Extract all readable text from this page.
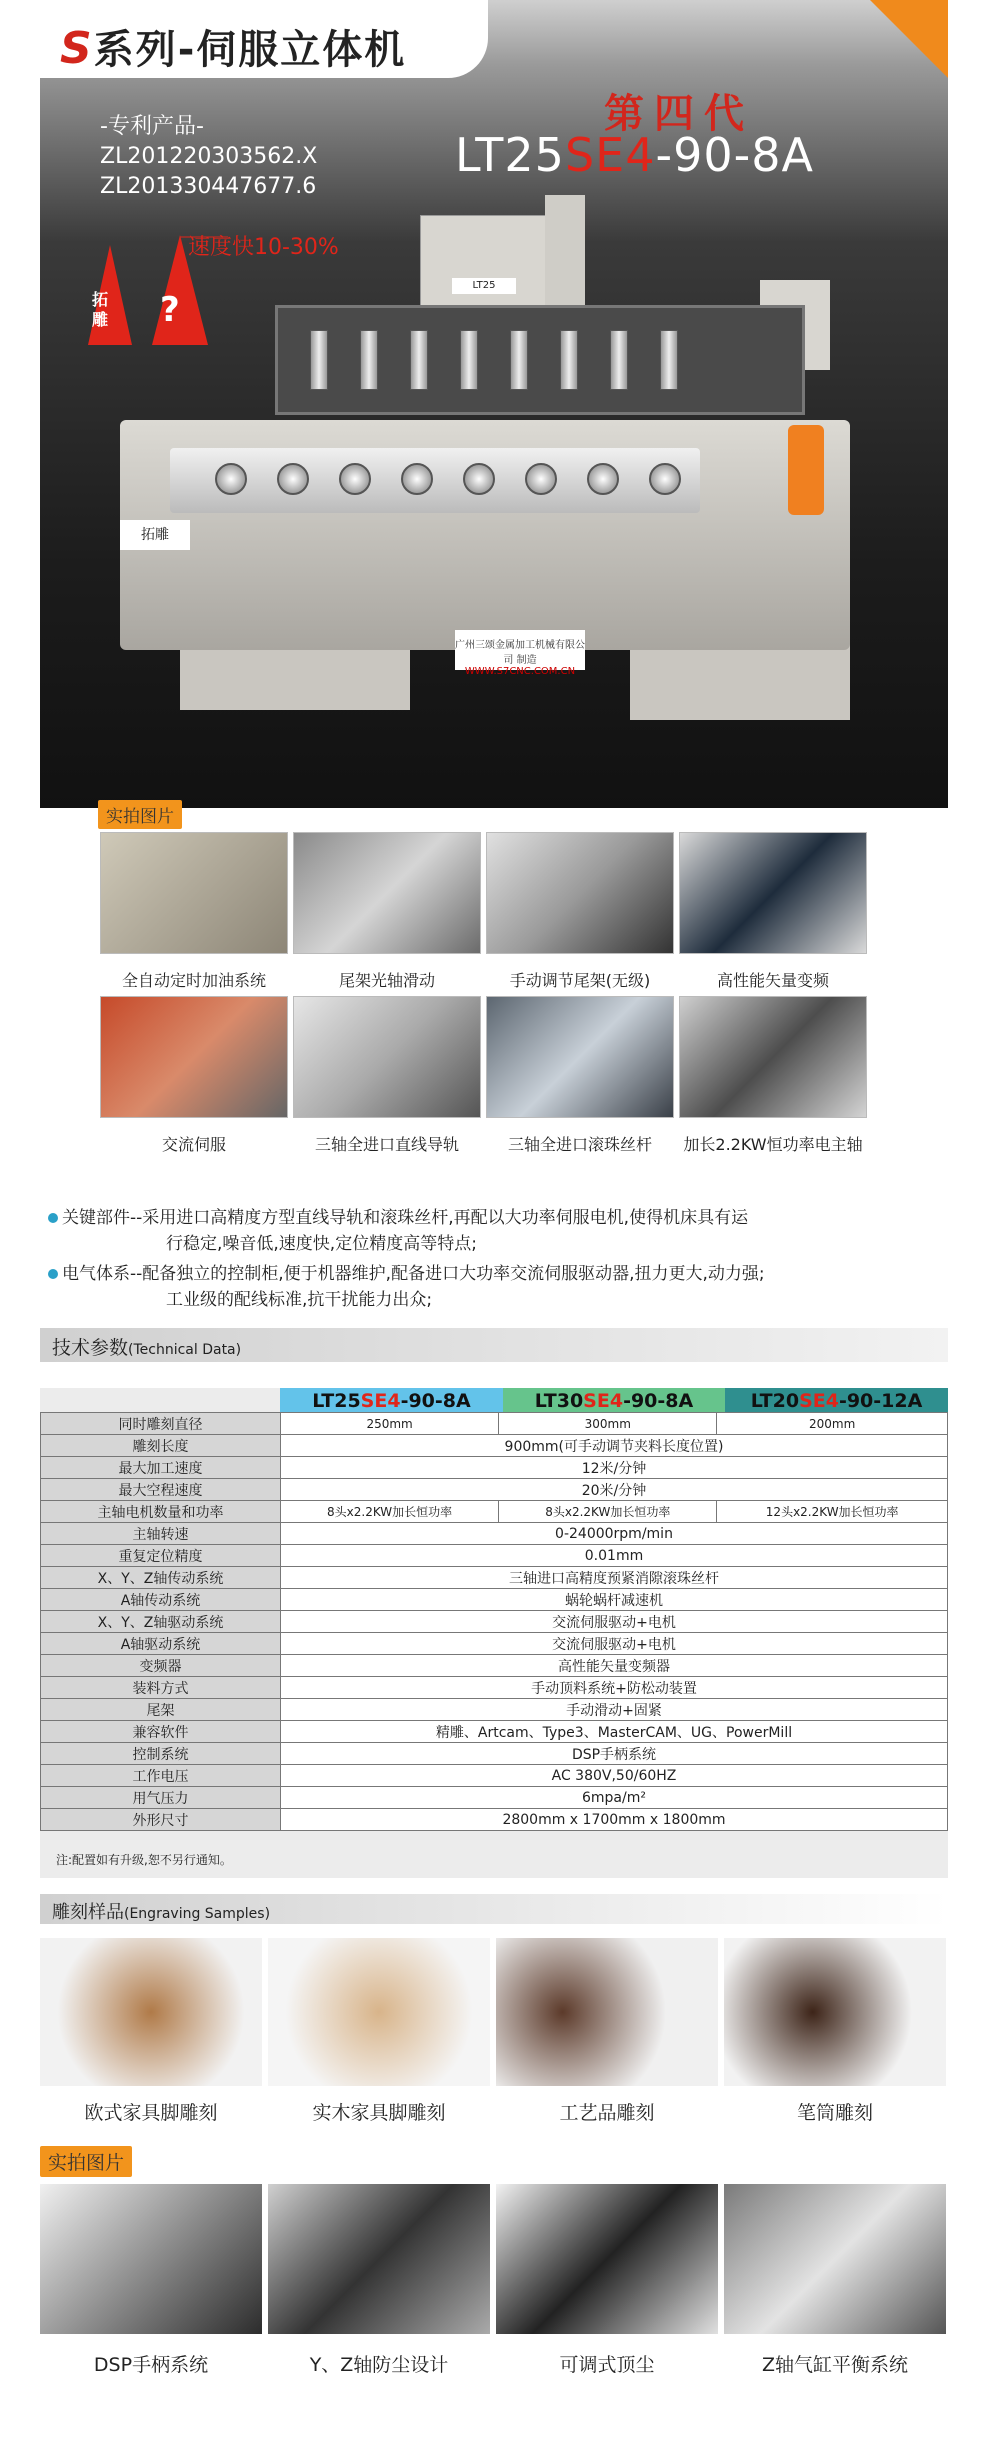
S系列-伺服立体机
-专利产品-
ZL201220303562.X
ZL201330447677.6
第四代
LT25SE4-90-8A
拓雕 ?
速度快10-30%
LT25
拓雕
广州三颂金属加工机械有限公司 制造
WWW.S7CNC.COM.CN
实拍图片
全自动定时加油系统	尾架光轴滑动	手动调节尾架(无级)	高性能矢量变频
交流伺服	三轴全进口直线导轨	三轴全进口滚珠丝杆	加长2.2KW恒功率电主轴
关键部件--采用进口高精度方型直线导轨和滚珠丝杆,再配以大功率伺服电机,使得机床具有运
行稳定,噪音低,速度快,定位精度高等特点;
电气体系--配备独立的控制柜,便于机器维护,配备进口大功率交流伺服驱动器,扭力更大,动力强;
工业级的配线标准,抗干扰能力出众;
技术参数(Technical Data)
LT25SE4-90-8A	LT30SE4-90-8A	LT20SE4-90-12A
同时雕刻直径	250mm	300mm	200mm
雕刻长度	900mm(可手动调节夹料长度位置)		
最大加工速度	12米/分钟		
最大空程速度	20米/分钟		
主轴电机数量和功率	8头x2.2KW加长恒功率	8头x2.2KW加长恒功率	12头x2.2KW加长恒功率
主轴转速	0-24000rpm/min		
重复定位精度	0.01mm		
X、Y、Z轴传动系统	三轴进口高精度预紧消隙滚珠丝杆		
A轴传动系统	蜗轮蜗杆减速机		
X、Y、Z轴驱动系统	交流伺服驱动+电机		
A轴驱动系统	交流伺服驱动+电机		
变频器	高性能矢量变频器		
装料方式	手动顶料系统+防松动装置		
尾架	手动滑动+固紧		
兼容软件	精雕、Artcam、Type3、MasterCAM、UG、PowerMill		
控制系统	DSP手柄系统		
工作电压	AC 380V,50/60HZ		
用气压力	6mpa/m²		
外形尺寸	2800mm x 1700mm x 1800mm		
注:配置如有升级,恕不另行通知。
雕刻样品(Engraving Samples)
欧式家具脚雕刻	实木家具脚雕刻	工艺品雕刻	笔筒雕刻
实拍图片
DSP手柄系统	Y、Z轴防尘设计	可调式顶尘	Z轴气缸平衡系统
